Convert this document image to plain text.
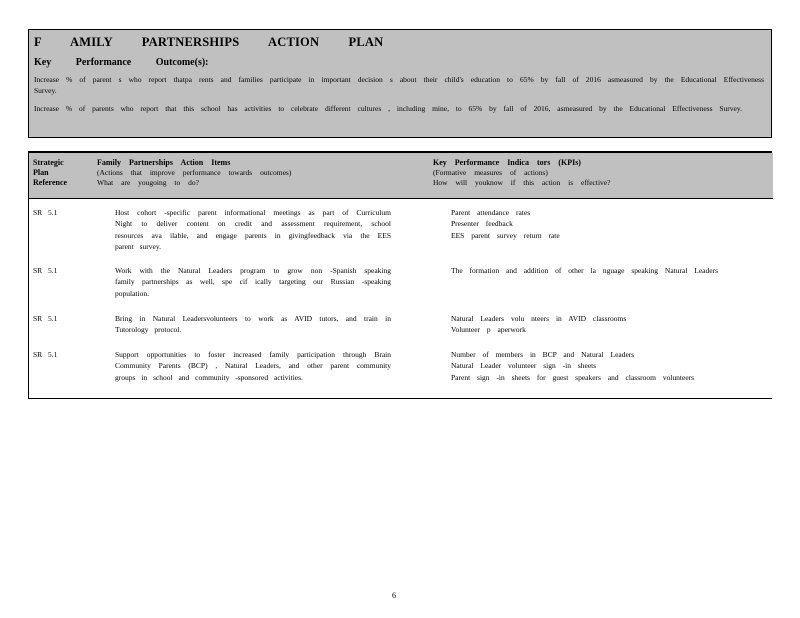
F AMILY PARTNERSHIPS ACTION PLAN
Key Performance Outcome(s):
Increase % of parent s who report thatpa rents and families participate in important decision s about their child's education to 65% by fall of 2016 asmeasured by the Educational Effectiveness Survey.
Increase % of parents who report that this school has activities to celebrate different cultures , including mine, to 65% by fall of 2016, asmeasured by the Educational Effectiveness Survey.
Strategic
Plan
Reference
Family Partnerships Action Items
(Actions that improve performance towards outcomes)
What are yougoing to do?
Key Performance Indica tors (KPIs)
(Formative measures of actions)
How will youknow if this action is effective?
SR 5.1	Host cohort -specific parent informational meetings as part of Curriculum Night to deliver content on credit and assessment requirement, school resources ava ilable, and engage parents in givingfeedback via the EES parent survey.
Parent attendance rates
Presenter feedback
EES parent survey return rate
SR 5.1	Work with the Natural Leaders program to grow non -Spanish speaking family partnerships as well, spe cif ically targeting our Russian -speaking population.
The formation and addition of other la nguage speaking Natural Leaders
SR 5.1	Bring in Natural Leadersvolunteers to work as AVID tutors, and train in Tutorology protocol.
Natural Leaders volu nteers in AVID classrooms
Volunteer p aperwork
SR 5.1	Support opportunities to foster increased family participation through Brain Community Parents (BCP) , Natural Leaders, and other parent community groups in school and community -sponsored activities.
Number of members in BCP and Natural Leaders
Natural Leader volunteer sign -in sheets
Parent sign -in sheets for guest speakers and classroom volunteers
6
